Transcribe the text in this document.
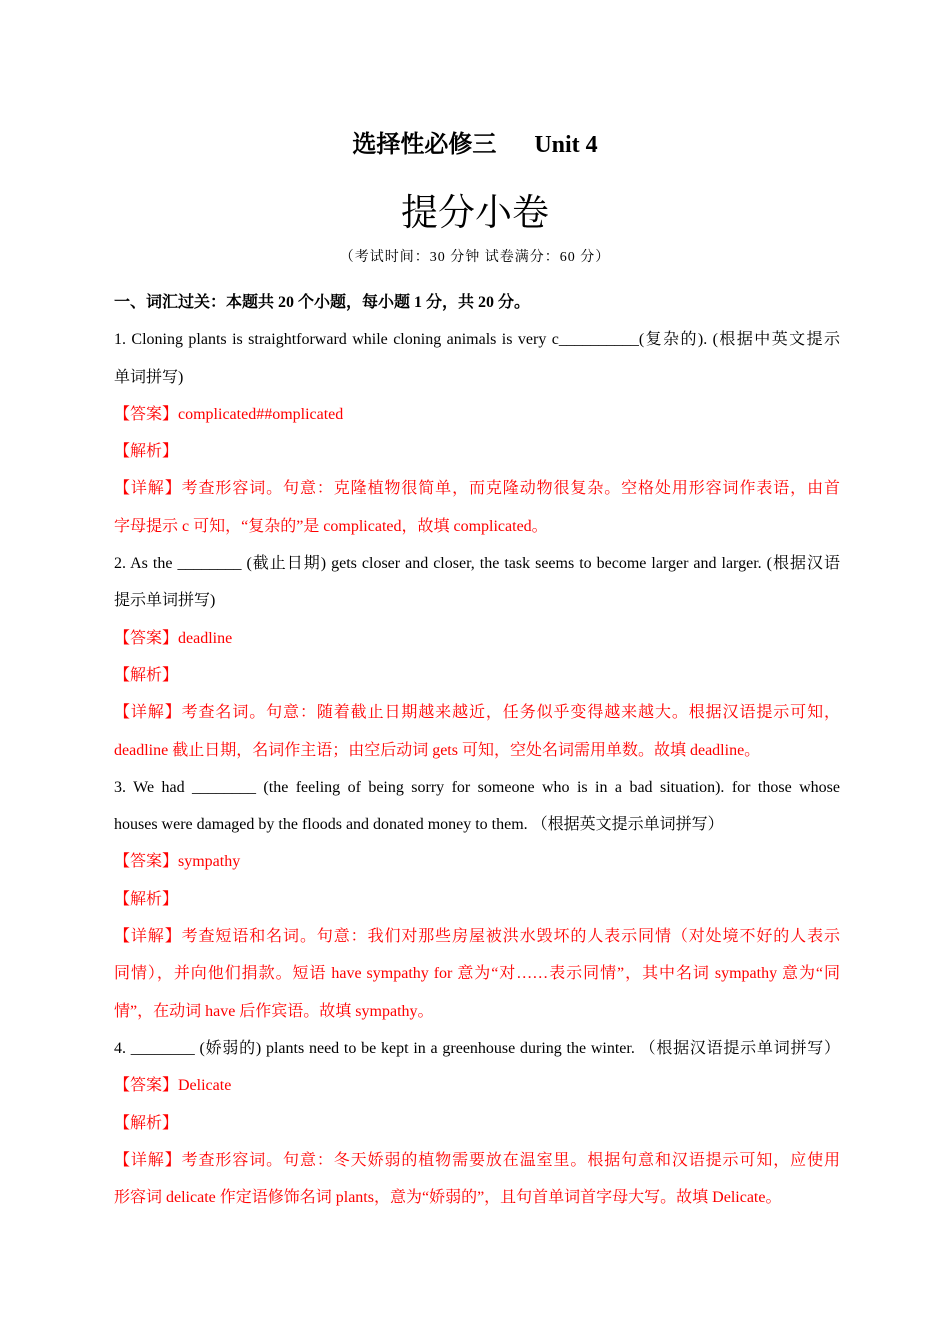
选择性必修三 Unit 4
提分小卷
（考试时间：30 分钟 试卷满分：60 分）
一、词汇过关：本题共 20 个小题，每小题 1 分，共 20 分。
1. Cloning plants is straightforward while cloning animals is very c__________(复杂的). (根据中英文提示
单词拼写)
【答案】complicated##omplicated
【解析】
【详解】考查形容词。句意：克隆植物很简单，而克隆动物很复杂。空格处用形容词作表语，由首
字母提示 c 可知，“复杂的”是 complicated，故填 complicated。
2. As the ________ (截止日期) gets closer and closer, the task seems to become larger and larger. (根据汉语
提示单词拼写)
【答案】deadline
【解析】
【详解】考查名词。句意：随着截止日期越来越近，任务似乎变得越来越大。根据汉语提示可知，
deadline 截止日期，名词作主语；由空后动词 gets 可知，空处名词需用单数。故填 deadline。
3. We had ________ (the feeling of being sorry for someone who is in a bad situation). for those whose
houses were damaged by the floods and donated money to them. （根据英文提示单词拼写）
【答案】sympathy
【解析】
【详解】考查短语和名词。句意：我们对那些房屋被洪水毁坏的人表示同情（对处境不好的人表示
同情），并向他们捐款。短语 have sympathy for 意为“对……表示同情”，其中名词 sympathy 意为“同
情”，在动词 have 后作宾语。故填 sympathy。
4. ________ (娇弱的) plants need to be kept in a greenhouse during the winter. （根据汉语提示单词拼写）
【答案】Delicate
【解析】
【详解】考查形容词。句意：冬天娇弱的植物需要放在温室里。根据句意和汉语提示可知，应使用
形容词 delicate 作定语修饰名词 plants，意为“娇弱的”，且句首单词首字母大写。故填 Delicate。
